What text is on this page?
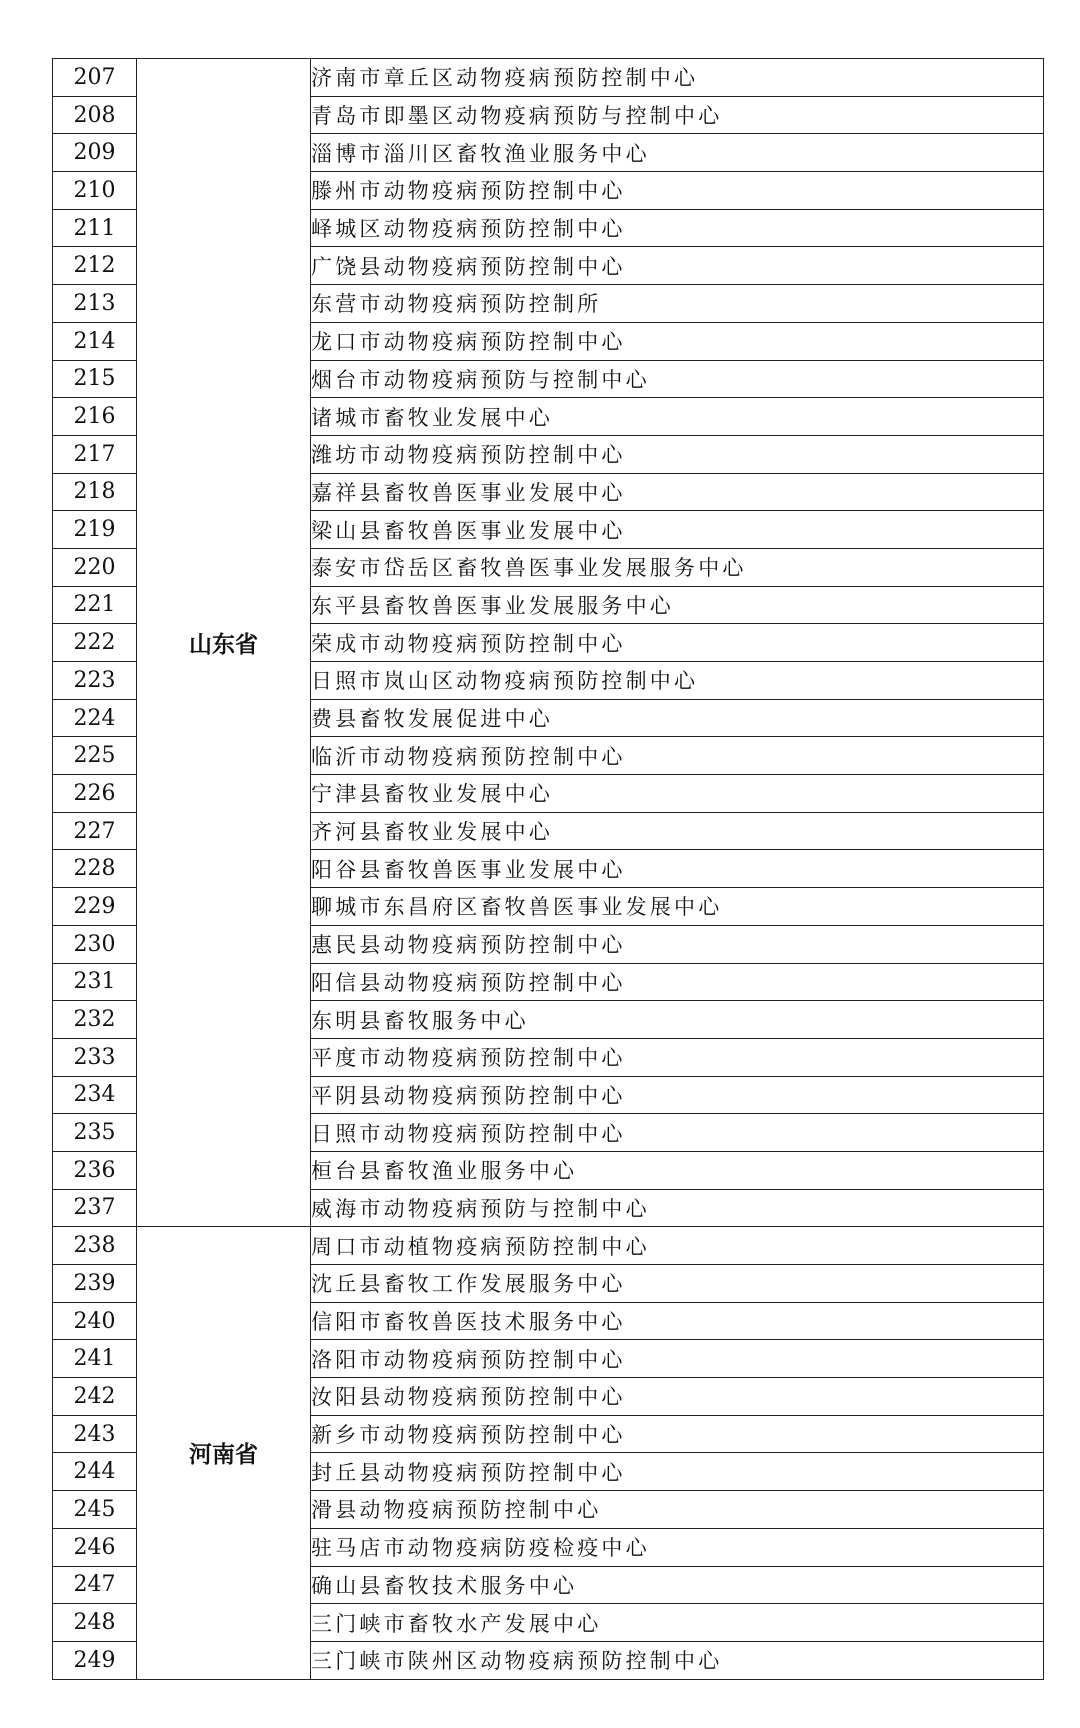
207	山东省	济南市章丘区动物疫病预防控制中心
208		青岛市即墨区动物疫病预防与控制中心
209		淄博市淄川区畜牧渔业服务中心
210		滕州市动物疫病预防控制中心
211		峄城区动物疫病预防控制中心
212		广饶县动物疫病预防控制中心
213		东营市动物疫病预防控制所
214		龙口市动物疫病预防控制中心
215		烟台市动物疫病预防与控制中心
216		诸城市畜牧业发展中心
217		潍坊市动物疫病预防控制中心
218		嘉祥县畜牧兽医事业发展中心
219		梁山县畜牧兽医事业发展中心
220		泰安市岱岳区畜牧兽医事业发展服务中心
221		东平县畜牧兽医事业发展服务中心
222		荣成市动物疫病预防控制中心
223		日照市岚山区动物疫病预防控制中心
224		费县畜牧发展促进中心
225		临沂市动物疫病预防控制中心
226		宁津县畜牧业发展中心
227		齐河县畜牧业发展中心
228		阳谷县畜牧兽医事业发展中心
229		聊城市东昌府区畜牧兽医事业发展中心
230		惠民县动物疫病预防控制中心
231		阳信县动物疫病预防控制中心
232		东明县畜牧服务中心
233		平度市动物疫病预防控制中心
234		平阴县动物疫病预防控制中心
235		日照市动物疫病预防控制中心
236		桓台县畜牧渔业服务中心
237		威海市动物疫病预防与控制中心
238	河南省	周口市动植物疫病预防控制中心
239		沈丘县畜牧工作发展服务中心
240		信阳市畜牧兽医技术服务中心
241		洛阳市动物疫病预防控制中心
242		汝阳县动物疫病预防控制中心
243		新乡市动物疫病预防控制中心
244		封丘县动物疫病预防控制中心
245		滑县动物疫病预防控制中心
246		驻马店市动物疫病防疫检疫中心
247		确山县畜牧技术服务中心
248		三门峡市畜牧水产发展中心
249		三门峡市陕州区动物疫病预防控制中心
